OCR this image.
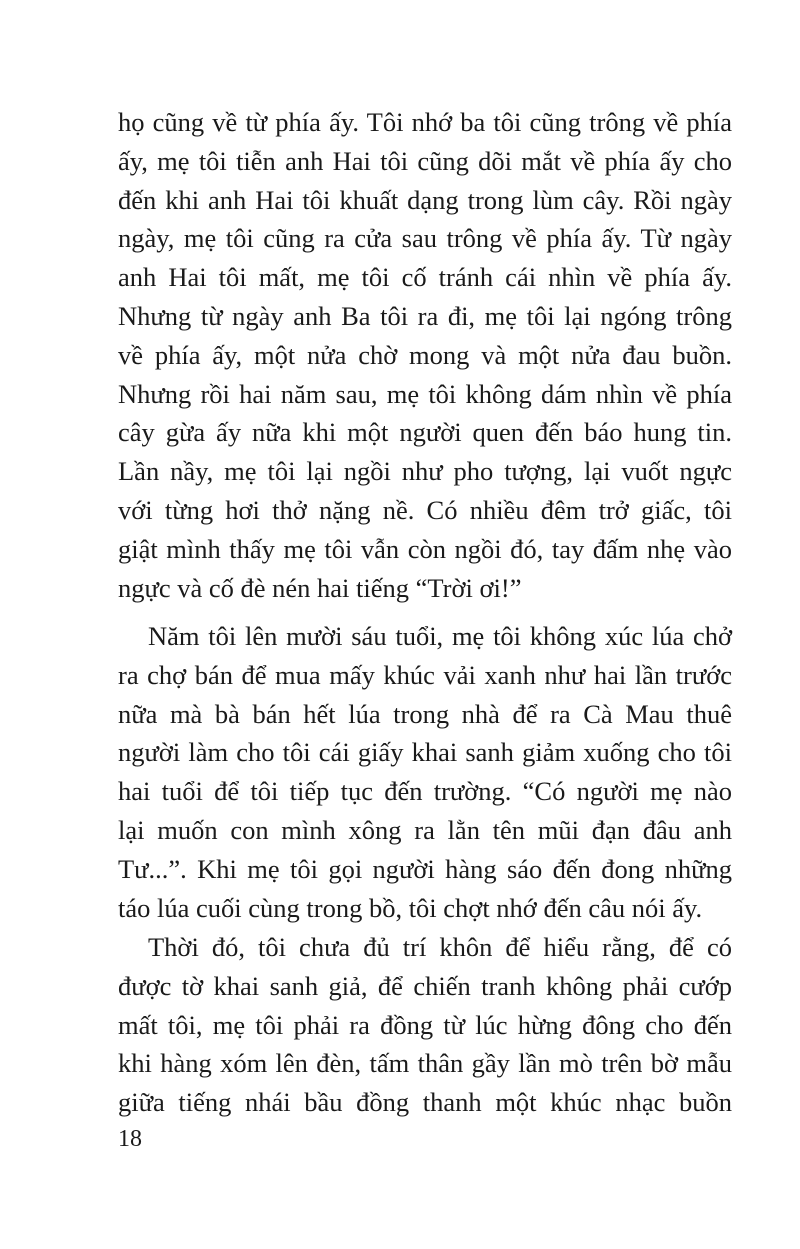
họ cũng về từ phía ấy. Tôi nhớ ba tôi cũng trông về phía
ấy, mẹ tôi tiễn anh Hai tôi cũng dõi mắt về phía ấy cho
đến khi anh Hai tôi khuất dạng trong lùm cây. Rồi ngày
ngày, mẹ tôi cũng ra cửa sau trông về phía ấy. Từ ngày
anh Hai tôi mất, mẹ tôi cố tránh cái nhìn về phía ấy.
Nhưng từ ngày anh Ba tôi ra đi, mẹ tôi lại ngóng trông
về phía ấy, một nửa chờ mong và một nửa đau buồn.
Nhưng rồi hai năm sau, mẹ tôi không dám nhìn về phía
cây gừa ấy nữa khi một người quen đến báo hung tin.
Lần nầy, mẹ tôi lại ngồi như pho tượng, lại vuốt ngực
với từng hơi thở nặng nề. Có nhiều đêm trở giấc, tôi
giật mình thấy mẹ tôi vẫn còn ngồi đó, tay đấm nhẹ vào
ngực và cố đè nén hai tiếng “Trời ơi!”
Năm tôi lên mười sáu tuổi, mẹ tôi không xúc lúa chở
ra chợ bán để mua mấy khúc vải xanh như hai lần trước
nữa mà bà bán hết lúa trong nhà để ra Cà Mau thuê
người làm cho tôi cái giấy khai sanh giảm xuống cho tôi
hai tuổi để tôi tiếp tục đến trường. “Có người mẹ nào
lại muốn con mình xông ra lằn tên mũi đạn đâu anh
Tư...”. Khi mẹ tôi gọi người hàng sáo đến đong những
táo lúa cuối cùng trong bồ, tôi chợt nhớ đến câu nói ấy.
Thời đó, tôi chưa đủ trí khôn để hiểu rằng, để có
được tờ khai sanh giả, để chiến tranh không phải cướp
mất tôi, mẹ tôi phải ra đồng từ lúc hừng đông cho đến
khi hàng xóm lên đèn, tấm thân gầy lần mò trên bờ mẫu
giữa tiếng nhái bầu đồng thanh một khúc nhạc buồn
18
